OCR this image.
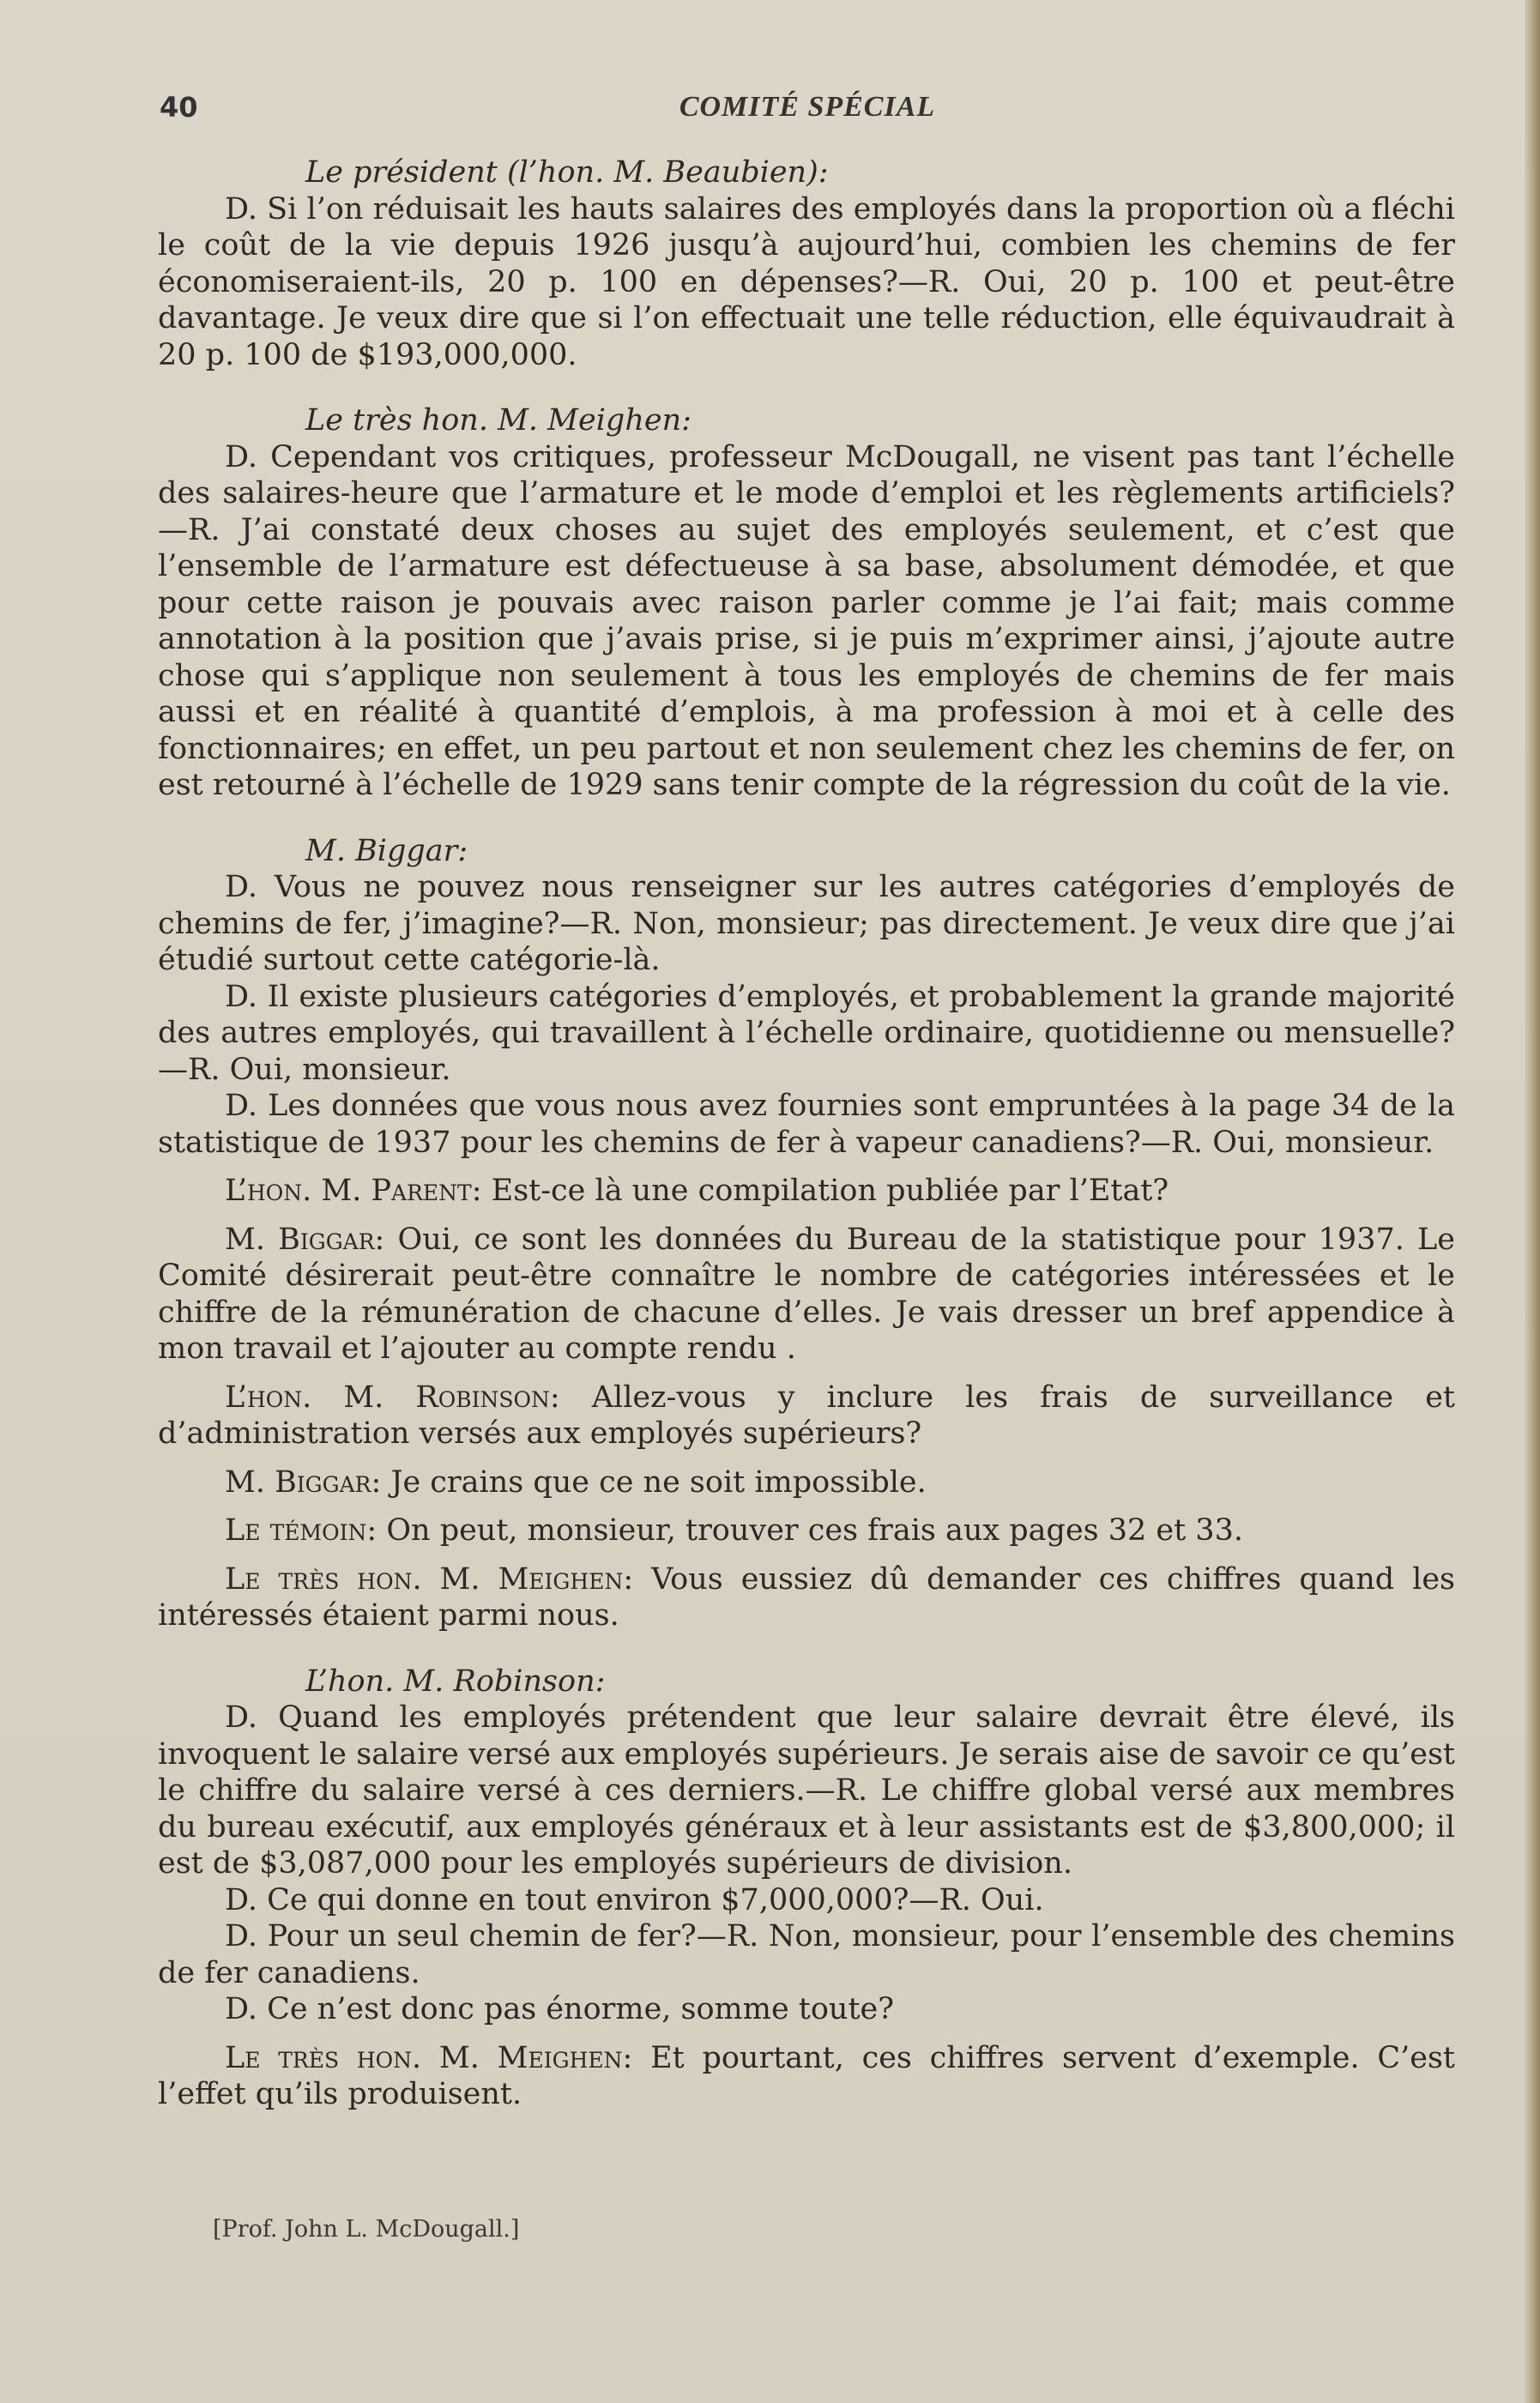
40	COMITÉ SPÉCIAL

Le président (l’hon. M. Beaubien):

D. Si l’on réduisait les hauts salaires des employés dans la proportion où a fléchi le coût de la vie depuis 1926 jusqu’à aujourd’hui, combien les chemins de fer économiseraient-ils, 20 p. 100 en dépenses?—R. Oui, 20 p. 100 et peut-être davantage. Je veux dire que si l’on effectuait une telle réduction, elle équivaudrait à 20 p. 100 de $193,000,000.

Le très hon. M. Meighen:

D. Cependant vos critiques, professeur McDougall, ne visent pas tant l’échelle des salaires-heure que l’armature et le mode d’emploi et les règlements artificiels?—R. J’ai constaté deux choses au sujet des employés seulement, et c’est que l’ensemble de l’armature est défectueuse à sa base, absolument démodée, et que pour cette raison je pouvais avec raison parler comme je l’ai fait; mais comme annotation à la position que j’avais prise, si je puis m’exprimer ainsi, j’ajoute autre chose qui s’applique non seulement à tous les employés de chemins de fer mais aussi et en réalité à quantité d’emplois, à ma profession à moi et à celle des fonctionnaires; en effet, un peu partout et non seulement chez les chemins de fer, on est retourné à l’échelle de 1929 sans tenir compte de la régression du coût de la vie.

M. Biggar:

D. Vous ne pouvez nous renseigner sur les autres catégories d’employés de chemins de fer, j’imagine?—R. Non, monsieur; pas directement. Je veux dire que j’ai étudié surtout cette catégorie-là.

D. Il existe plusieurs catégories d’employés, et probablement la grande majorité des autres employés, qui travaillent à l’échelle ordinaire, quotidienne ou mensuelle?—R. Oui, monsieur.

D. Les données que vous nous avez fournies sont empruntées à la page 34 de la statistique de 1937 pour les chemins de fer à vapeur canadiens?—R. Oui, monsieur.

L’hon. M. Parent: Est-ce là une compilation publiée par l’Etat?

M. Biggar: Oui, ce sont les données du Bureau de la statistique pour 1937. Le Comité désirerait peut-être connaître le nombre de catégories intéressées et le chiffre de la rémunération de chacune d’elles. Je vais dresser un bref appendice à mon travail et l’ajouter au compte rendu .

L’hon. M. Robinson: Allez-vous y inclure les frais de surveillance et d’administration versés aux employés supérieurs?

M. Biggar: Je crains que ce ne soit impossible.

Le témoin: On peut, monsieur, trouver ces frais aux pages 32 et 33.

Le très hon. M. Meighen: Vous eussiez dû demander ces chiffres quand les intéressés étaient parmi nous.

L’hon. M. Robinson:

D. Quand les employés prétendent que leur salaire devrait être élevé, ils invoquent le salaire versé aux employés supérieurs. Je serais aise de savoir ce qu’est le chiffre du salaire versé à ces derniers.—R. Le chiffre global versé aux membres du bureau exécutif, aux employés généraux et à leur assistants est de $3,800,000; il est de $3,087,000 pour les employés supérieurs de division.

D. Ce qui donne en tout environ $7,000,000?—R. Oui.

D. Pour un seul chemin de fer?—R. Non, monsieur, pour l’ensemble des chemins de fer canadiens.

D. Ce n’est donc pas énorme, somme toute?

Le très hon. M. Meighen: Et pourtant, ces chiffres servent d’exemple. C’est l’effet qu’ils produisent.

[Prof. John L. McDougall.]
